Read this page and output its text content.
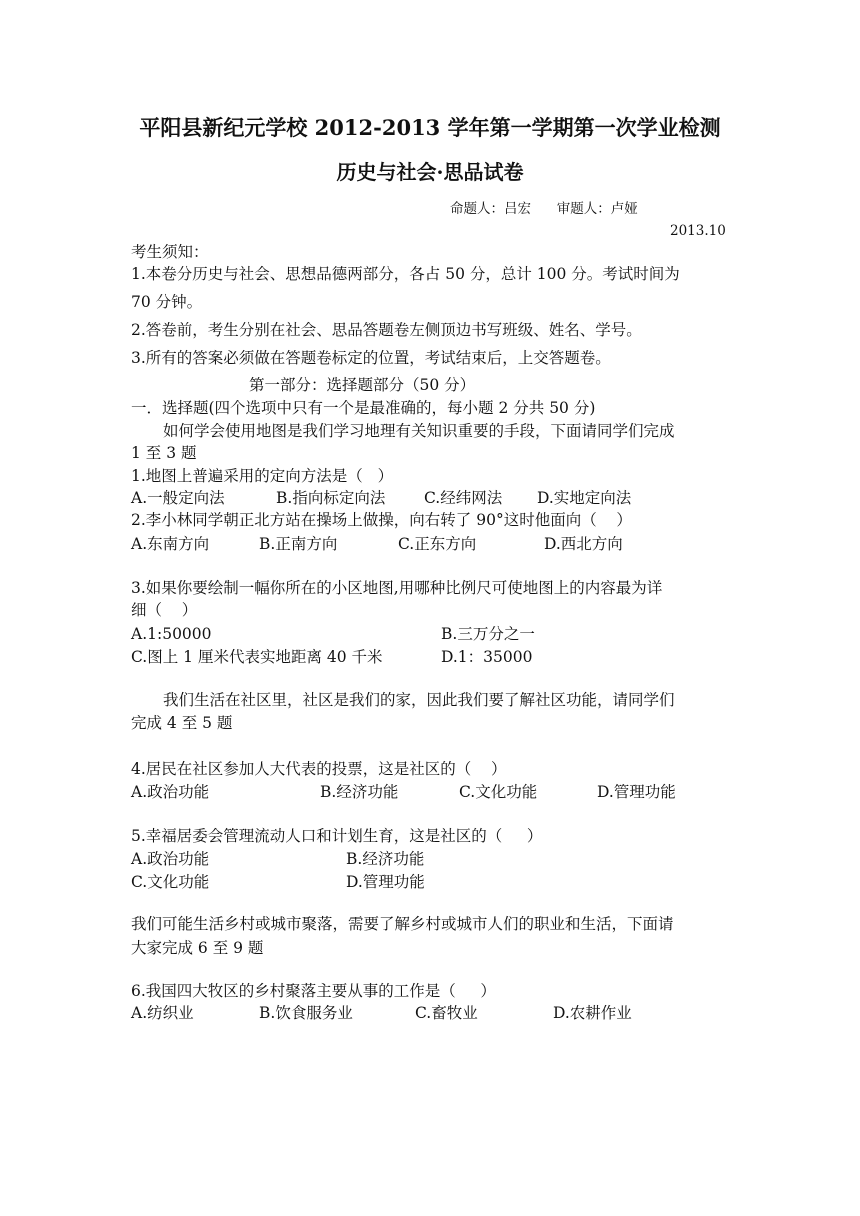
平阳县新纪元学校 2012-2013 学年第一学期第一次学业检测
历史与社会·思品试卷
命题人：吕宏      审题人：卢娅
2013.10
考生须知：
1.本卷分历史与社会、思想品德两部分，各占 50 分，总计 100 分。考试时间为
70 分钟。
2.答卷前，考生分别在社会、思品答题卷左侧顶边书写班级、姓名、学号。
3.所有的答案必须做在答题卷标定的位置，考试结束后，上交答题卷。
第一部分：选择题部分（50 分）
一．选择题(四个选项中只有一个是最准确的，每小题 2 分共 50 分)
如何学会使用地图是我们学习地理有关知识重要的手段，下面请同学们完成
1 至 3 题
1.地图上普遍采用的定向方法是（   ）
A.一般定向法	B.指向标定向法 C.经纬网法 D.实地定向法
2.李小林同学朝正北方站在操场上做操，向右转了 90°这时他面向（    ）
A.东南方向	B.正南方向	C.正东方向	D.西北方向
3.如果你要绘制一幅你所在的小区地图,用哪种比例尺可使地图上的内容最为详
细（    ）
A.1:50000	B.三万分之一
C.图上 1 厘米代表实地距离 40 千米	D.1：35000
我们生活在社区里，社区是我们的家，因此我们要了解社区功能，请同学们
完成 4 至 5 题
4.居民在社区参加人大代表的投票，这是社区的（    ）
A.政治功能	B.经济功能	C.文化功能	D.管理功能
5.幸福居委会管理流动人口和计划生育，这是社区的（     ）
A.政治功能	B.经济功能
C.文化功能	D.管理功能
我们可能生活乡村或城市聚落，需要了解乡村或城市人们的职业和生活，下面请
大家完成 6 至 9 题
6.我国四大牧区的乡村聚落主要从事的工作是（     ）
A.纺织业	B.饮食服务业	C.畜牧业	D.农耕作业
